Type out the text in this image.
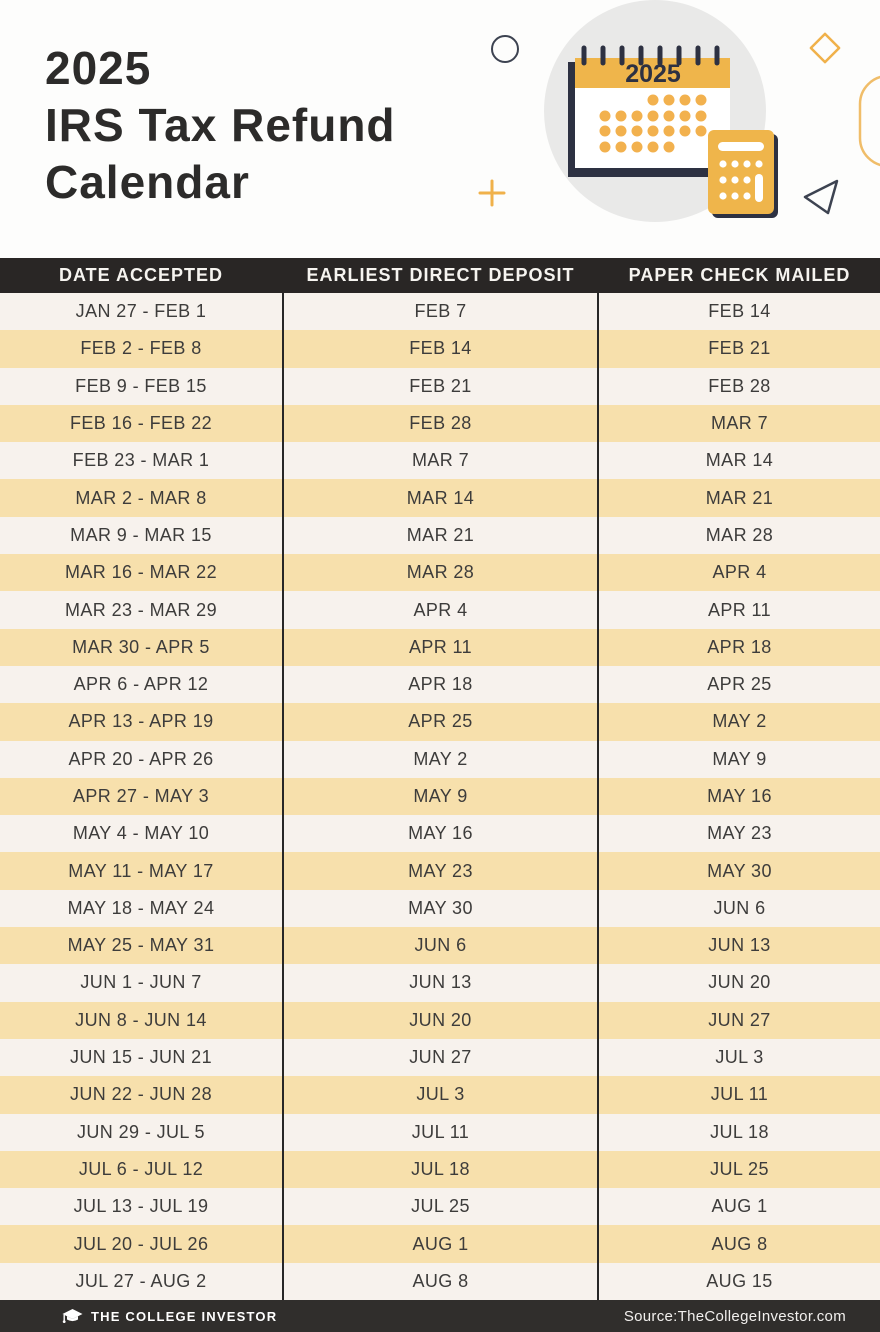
2025
IRS Tax Refund
Calendar
2025
DATE ACCEPTED	EARLIEST DIRECT DEPOSIT	PAPER CHECK MAILED
JAN 27 - FEB 1	FEB 7	FEB 14
FEB 2 - FEB 8	FEB 14	FEB 21
FEB 9 - FEB 15	FEB 21	FEB 28
FEB 16 - FEB 22	FEB 28	MAR 7
FEB 23 - MAR 1	MAR 7	MAR 14
MAR 2 - MAR 8	MAR 14	MAR 21
MAR 9 - MAR 15	MAR 21	MAR 28
MAR 16 - MAR 22	MAR 28	APR 4
MAR 23 - MAR 29	APR 4	APR 11
MAR 30 - APR 5	APR 11	APR 18
APR 6 - APR 12	APR 18	APR 25
APR 13 - APR 19	APR 25	MAY 2
APR 20 - APR 26	MAY 2	MAY 9
APR 27 - MAY 3	MAY 9	MAY 16
MAY 4 - MAY 10	MAY 16	MAY 23
MAY 11 - MAY 17	MAY 23	MAY 30
MAY 18 - MAY 24	MAY 30	JUN 6
MAY 25 - MAY 31	JUN 6	JUN 13
JUN 1 - JUN 7	JUN 13	JUN 20
JUN 8 - JUN 14	JUN 20	JUN 27
JUN 15 - JUN 21	JUN 27	JUL 3
JUN 22 - JUN 28	JUL 3	JUL 11
JUN 29 - JUL 5	JUL 11	JUL 18
JUL 6 - JUL 12	JUL 18	JUL 25
JUL 13 - JUL 19	JUL 25	AUG 1
JUL 20 - JUL 26	AUG 1	AUG 8
JUL 27 - AUG 2	AUG 8	AUG 15
THE COLLEGE INVESTOR	Source:TheCollegeInvestor.com
